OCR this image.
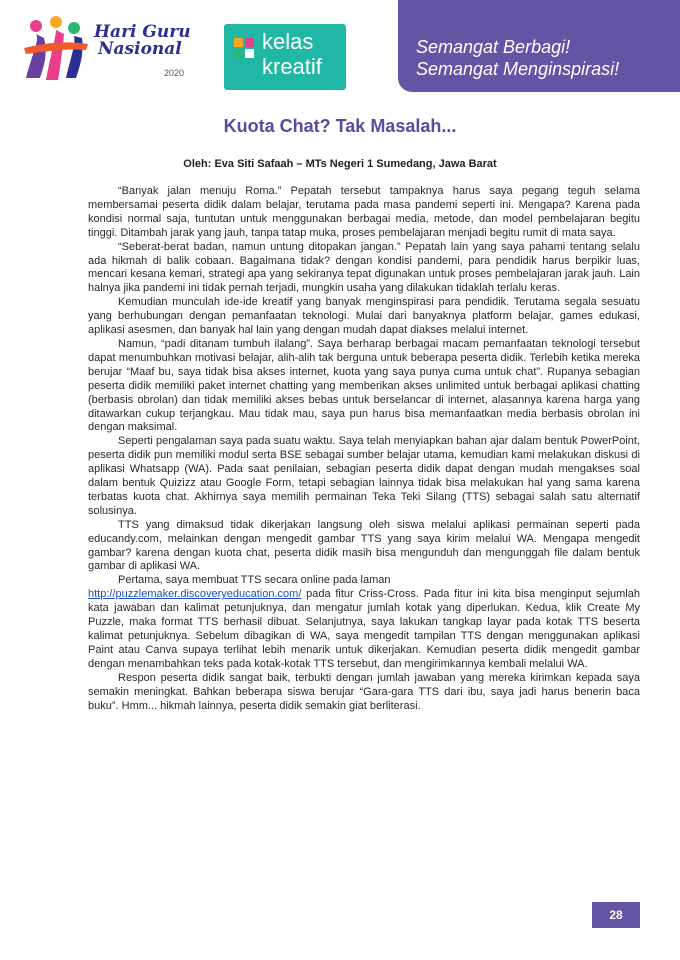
Hari Guru
Nasional
2020
kelas
kreatif
Semangat Berbagi!
Semangat Menginspirasi!
Kuota Chat? Tak Masalah...
Oleh: Eva Siti Safaah – MTs Negeri 1 Sumedang, Jawa Barat

“Banyak jalan menuju Roma.” Pepatah tersebut tampaknya harus saya pegang teguh selama membersamai peserta didik dalam belajar, terutama pada masa pandemi seperti ini. Mengapa? Karena pada kondisi normal saja, tuntutan untuk menggunakan berbagai media, metode, dan model pembelajaran begitu tinggi. Ditambah jarak yang jauh, tanpa tatap muka, proses pembelajaran menjadi begitu rumit di mata saya.

“Seberat-berat badan, namun untung ditopakan jangan.” Pepatah lain yang saya pahami tentang selalu ada hikmah di balik cobaan. Bagaimana tidak? dengan kondisi pandemi, para pendidik harus berpikir luas, mencari kesana kemari, strategi apa yang sekiranya tepat digunakan untuk proses pembelajaran jarak jauh. Lain halnya jika pandemi ini tidak pernah terjadi, mungkin usaha yang dilakukan tidaklah terlalu keras.

Kemudian munculah ide-ide kreatif yang banyak menginspirasi para pendidik. Terutama segala sesuatu yang berhubungan dengan pemanfaatan teknologi. Mulai dari banyaknya platform belajar, games edukasi, aplikasi asesmen, dan banyak hal lain yang dengan mudah dapat diakses melalui internet.

Namun, “padi ditanam tumbuh ilalang”. Saya berharap berbagai macam pemanfaatan teknologi tersebut dapat menumbuhkan motivasi belajar, alih-alih tak berguna untuk beberapa peserta didik. Terlebih ketika mereka berujar “Maaf bu, saya tidak bisa akses internet, kuota yang saya punya cuma untuk chat”. Rupanya sebagian peserta didik memiliki paket internet chatting yang memberikan akses unlimited untuk berbagai aplikasi chatting (berbasis obrolan) dan tidak memiliki akses bebas untuk berselancar di internet, alasannya karena harga yang ditawarkan cukup terjangkau. Mau tidak mau, saya pun harus bisa memanfaatkan media berbasis obrolan ini dengan maksimal.

Seperti pengalaman saya pada suatu waktu. Saya telah menyiapkan bahan ajar dalam bentuk PowerPoint, peserta didik pun memiliki modul serta BSE sebagai sumber belajar utama, kemudian kami melakukan diskusi di aplikasi Whatsapp (WA). Pada saat penilaian, sebagian peserta didik dapat dengan mudah mengakses soal dalam bentuk Quizizz atau Google Form, tetapi sebagian lainnya tidak bisa melakukan hal yang sama karena terbatas kuota chat. Akhirnya saya memilih permainan Teka Teki Silang (TTS) sebagai salah satu alternatif solusinya.

TTS yang dimaksud tidak dikerjakan langsung oleh siswa melalui aplikasi permainan seperti pada educandy.com, melainkan dengan mengedit gambar TTS yang saya kirim melalui WA. Mengapa mengedit gambar? karena dengan kuota chat, peserta didik masih bisa mengunduh dan mengunggah file dalam bentuk gambar di aplikasi WA.

Pertama, saya membuat TTS secara online pada laman
http://puzzlemaker.discoveryeducation.com/ pada fitur Criss-Cross. Pada fitur ini kita bisa menginput sejumlah kata jawaban dan kalimat petunjuknya, dan mengatur jumlah kotak yang diperlukan. Kedua, klik Create My Puzzle, maka format TTS berhasil dibuat. Selanjutnya, saya lakukan tangkap layar pada kotak TTS beserta kalimat petunjuknya. Sebelum dibagikan di WA, saya mengedit tampilan TTS dengan menggunakan aplikasi Paint atau Canva supaya terlihat lebih menarik untuk dikerjakan. Kemudian peserta didik mengedit gambar dengan menambahkan teks pada kotak-kotak TTS tersebut, dan mengirimkannya kembali melalui WA.

Respon peserta didik sangat baik, terbukti dengan jumlah jawaban yang mereka kirimkan kepada saya semakin meningkat. Bahkan beberapa siswa berujar “Gara-gara TTS dari ibu, saya jadi harus benerin baca buku”. Hmm... hikmah lainnya, peserta didik semakin giat berliterasi.

28
